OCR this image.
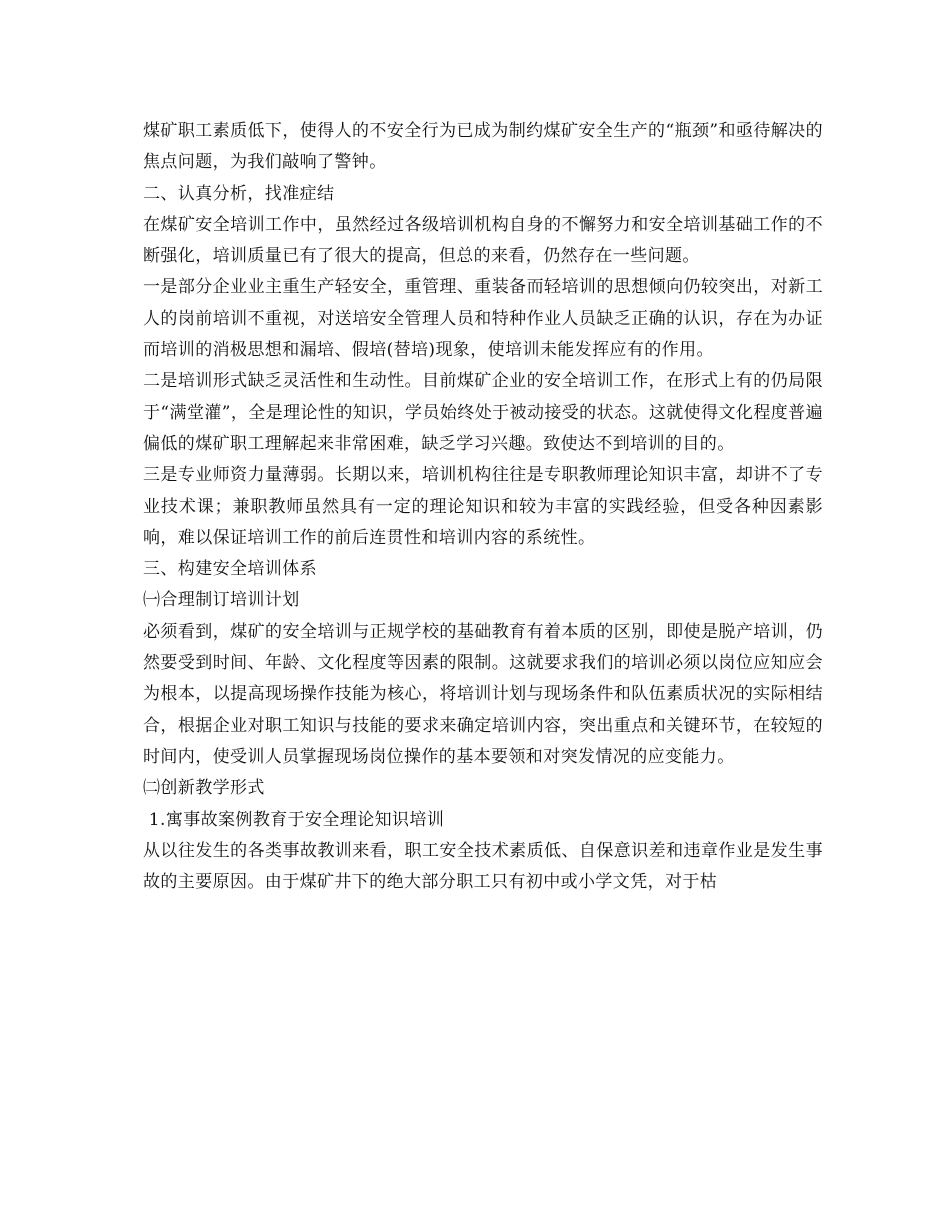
煤矿职工素质低下，使得人的不安全行为已成为制约煤矿安全生产的“瓶颈”和亟待解决的焦点问题，为我们敲响了警钟。

二、认真分析，找准症结

在煤矿安全培训工作中，虽然经过各级培训机构自身的不懈努力和安全培训基础工作的不断强化，培训质量已有了很大的提高，但总的来看，仍然存在一些问题。

一是部分企业业主重生产轻安全，重管理、重装备而轻培训的思想倾向仍较突出，对新工人的岗前培训不重视，对送培安全管理人员和特种作业人员缺乏正确的认识，存在为办证而培训的消极思想和漏培、假培(替培)现象，使培训未能发挥应有的作用。

二是培训形式缺乏灵活性和生动性。目前煤矿企业的安全培训工作，在形式上有的仍局限于“满堂灌”，全是理论性的知识，学员始终处于被动接受的状态。这就使得文化程度普遍偏低的煤矿职工理解起来非常困难，缺乏学习兴趣。致使达不到培训的目的。

三是专业师资力量薄弱。长期以来，培训机构往往是专职教师理论知识丰富，却讲不了专业技术课；兼职教师虽然具有一定的理论知识和较为丰富的实践经验，但受各种因素影响，难以保证培训工作的前后连贯性和培训内容的系统性。

三、构建安全培训体系

㈠合理制订培训计划

必须看到，煤矿的安全培训与正规学校的基础教育有着本质的区别，即使是脱产培训，仍然要受到时间、年龄、文化程度等因素的限制。这就要求我们的培训必须以岗位应知应会为根本，以提高现场操作技能为核心，将培训计划与现场条件和队伍素质状况的实际相结合，根据企业对职工知识与技能的要求来确定培训内容，突出重点和关键环节，在较短的时间内，使受训人员掌握现场岗位操作的基本要领和对突发情况的应变能力。

㈡创新教学形式

1.寓事故案例教育于安全理论知识培训

从以往发生的各类事故教训来看，职工安全技术素质低、自保意识差和违章作业是发生事故的主要原因。由于煤矿井下的绝大部分职工只有初中或小学文凭，对于枯
